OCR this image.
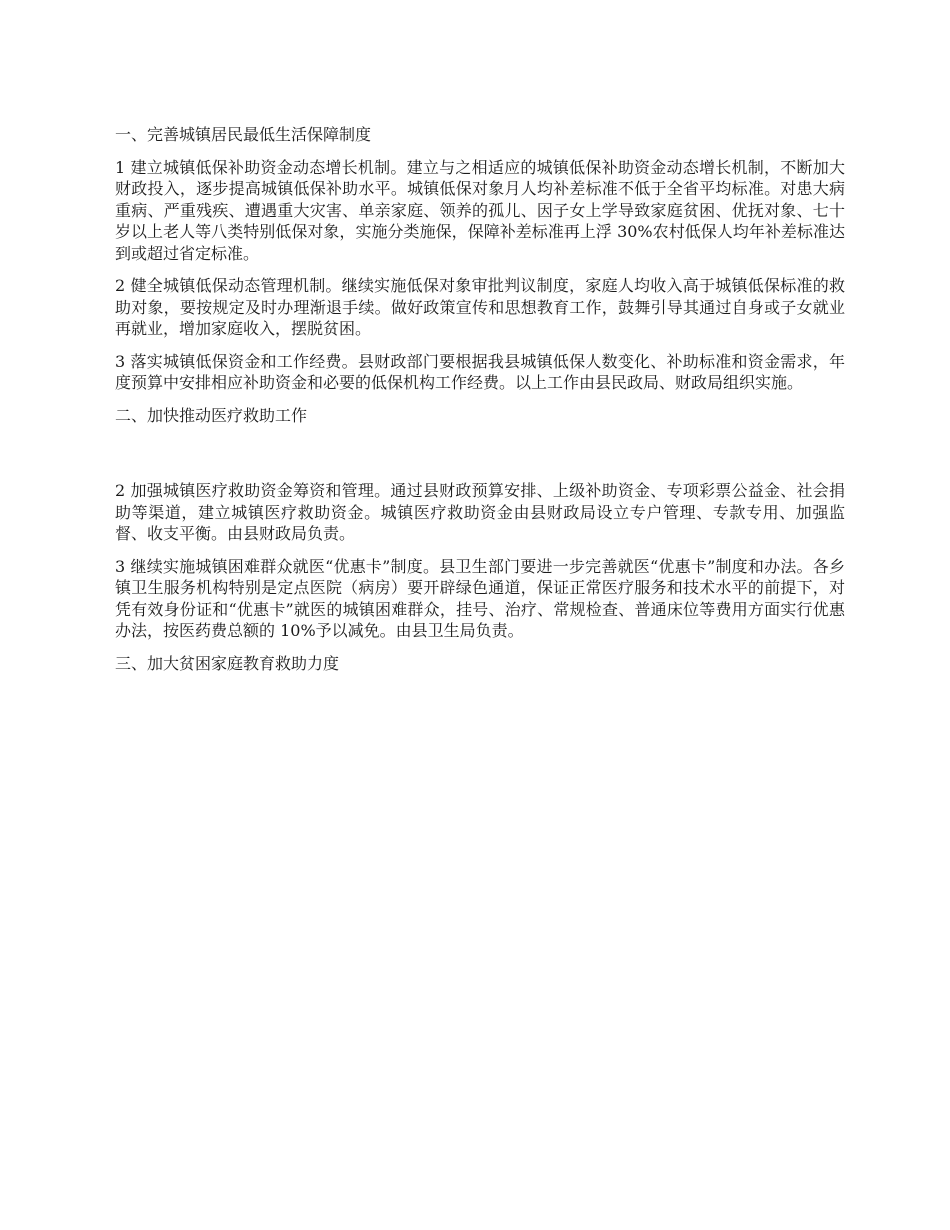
一、完善城镇居民最低生活保障制度

1 建立城镇低保补助资金动态增长机制。建立与之相适应的城镇低保补助资金动态增长机制，不断加大财政投入，逐步提高城镇低保补助水平。城镇低保对象月人均补差标准不低于全省平均标准。对患大病重病、严重残疾、遭遇重大灾害、单亲家庭、领养的孤儿、因子女上学导致家庭贫困、优抚对象、七十岁以上老人等八类特别低保对象，实施分类施保，保障补差标准再上浮 30%农村低保人均年补差标准达到或超过省定标准。

2 健全城镇低保动态管理机制。继续实施低保对象审批判议制度，家庭人均收入高于城镇低保标准的救助对象，要按规定及时办理渐退手续。做好政策宣传和思想教育工作，鼓舞引导其通过自身或子女就业再就业，增加家庭收入，摆脱贫困。

3 落实城镇低保资金和工作经费。县财政部门要根据我县城镇低保人数变化、补助标准和资金需求，年度预算中安排相应补助资金和必要的低保机构工作经费。以上工作由县民政局、财政局组织实施。

二、加快推动医疗救助工作

2 加强城镇医疗救助资金筹资和管理。通过县财政预算安排、上级补助资金、专项彩票公益金、社会捐助等渠道，建立城镇医疗救助资金。城镇医疗救助资金由县财政局设立专户管理、专款专用、加强监督、收支平衡。由县财政局负责。

3 继续实施城镇困难群众就医“优惠卡”制度。县卫生部门要进一步完善就医“优惠卡”制度和办法。各乡镇卫生服务机构特别是定点医院（病房）要开辟绿色通道，保证正常医疗服务和技术水平的前提下，对凭有效身份证和“优惠卡”就医的城镇困难群众，挂号、治疗、常规检查、普通床位等费用方面实行优惠办法，按医药费总额的 10%予以减免。由县卫生局负责。

三、加大贫困家庭教育救助力度
